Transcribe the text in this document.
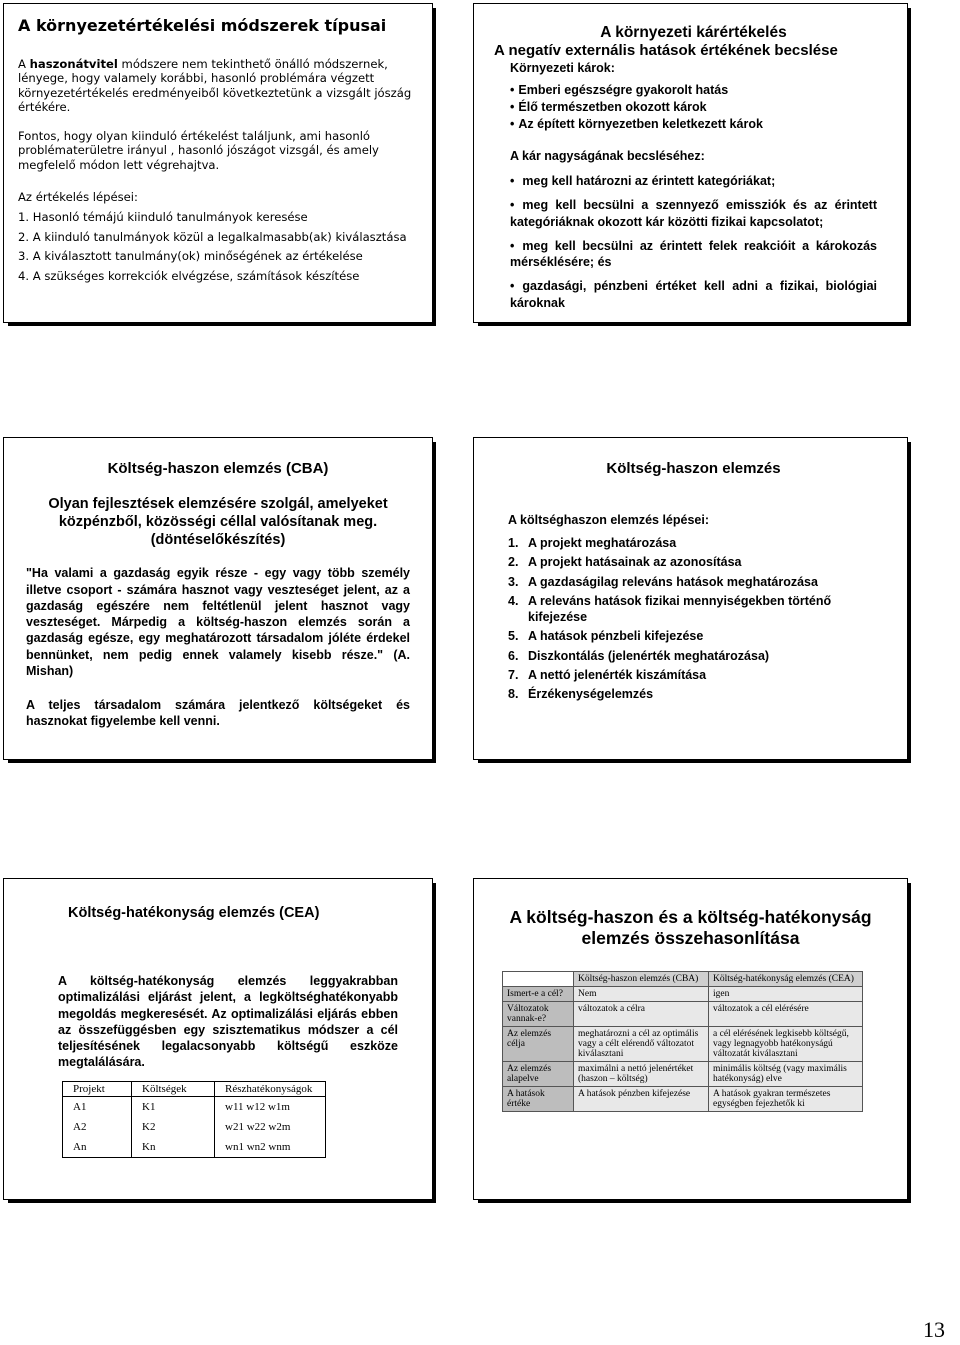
A környezetértékelési módszerek típusai

A haszonátvitel módszere nem tekinthető önálló módszernek, lényege, hogy valamely korábbi, hasonló problémára végzett környezetértékelés eredményeiből következtetünk a vizsgált jószág értékére.

Fontos, hogy olyan kiinduló értékelést találjunk, ami hasonló problématerületre irányul , hasonló jószágot vizsgál, és amely megfelelő módon lett végrehajtva.

Az értékelés lépései:
1. Hasonló témájú kiinduló tanulmányok keresése
2. A kiinduló tanulmányok közül a legalkalmasabb(ak) kiválasztása
3. A kiválasztott tanulmány(ok) minőségének az értékelése
4. A szükséges korrekciók elvégzése, számítások készítése
A környezeti kárértékelés
A negatív externális hatások értékének becslése
Környezeti károk:
• Emberi egészségre gyakorolt hatás
• Élő természetben okozott károk
• Az épített környezetben keletkezett károk
A kár nagyságának becsléséhez:
• meg kell határozni az érintett kategóriákat;
• meg kell becsülni a szennyező emissziók és az érintett kategóriáknak okozott kár közötti fizikai kapcsolatot;
• meg kell becsülni az érintett felek reakcióit a károkozás mérséklésére; és
• gazdasági, pénzbeni értéket kell adni a fizikai, biológiai károknak
Költség-haszon elemzés (CBA)
Olyan fejlesztések elemzésére szolgál, amelyeket közpénzből, közösségi céllal valósítanak meg. (döntéselőkészítés)
"Ha valami a gazdaság egyik része - egy vagy több személy illetve csoport - számára hasznot vagy veszteséget jelent, az a gazdaság egészére nem feltétlenül jelent hasznot vagy veszteséget. Márpedig a költség-haszon elemzés során a gazdaság egésze, egy meghatározott társadalom jóléte érdekel bennünket, nem pedig ennek valamely kisebb része." (A. Mishan)
A teljes társadalom számára jelentkező költségeket és hasznokat figyelembe kell venni.
Költség-haszon elemzés
A költséghaszon elemzés lépései:
1. A projekt meghatározása
2. A projekt hatásainak az azonosítása
3. A gazdaságilag releváns hatások meghatározása
4. A releváns hatások fizikai mennyiségekben történő kifejezése
5. A hatások pénzbeli kifejezése
6. Diszkontálás (jelenérték meghatározása)
7. A nettó jelenérték kiszámítása
8. Érzékenységelemzés
Költség-hatékonyság elemzés (CEA)
A költség-hatékonyság elemzés leggyakrabban optimalizálási eljárást jelent, a legköltséghatékonyabb megoldás megkeresését. Az optimalizálási eljárás ebben az összefüggésben egy szisztematikus módszer a cél teljesítésének legalacsonyabb költségű eszköze megtalálására.
Projekt	Költségek	Részhatékonyságok
A1	K1	w11 w12 w1m
A2	K2	w21 w22 w2m
An	Kn	wn1 wn2 wnm
A költség-haszon és a költség-hatékonyság elemzés összehasonlítása
	Költség-haszon elemzés (CBA)	Költség-hatékonyság elemzés (CEA)
Ismert-e a cél?	Nem	igen
Változatok vannak-e?	változatok a célra	változatok a cél elérésére
Az elemzés célja	meghatározni a cél az optimális vagy a célt elérendő változatot kiválasztani	a cél elérésének legkisebb költségű, vagy legnagyobb hatékonyságú változatát kiválasztani
Az elemzés alapelve	maximálni a nettó jelenértéket (haszon – költség)	minimális költség (vagy maximális hatékonyság) elve
A hatások értéke	A hatások pénzben kifejezése	A hatások gyakran természetes egységben fejezhetők ki
13
